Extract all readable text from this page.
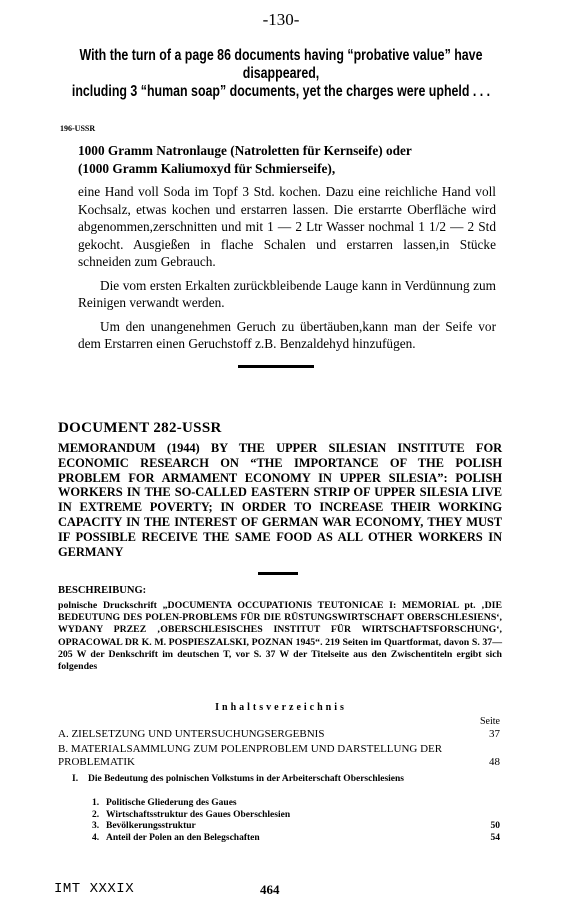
-130-
With the turn of a page 86 documents having “probative value” have disappeared,
including 3 “human soap” documents, yet the charges were upheld . . .
196-USSR

1000 Gramm Natronlauge (Natroletten für Kernseife) oder

(1000 Gramm Kaliumoxyd für Schmierseife),

eine Hand voll Soda im Topf 3 Std. kochen. Dazu eine reichliche Hand voll Kochsalz, etwas kochen und erstarren lassen. Die erstarrte Oberfläche wird abgenommen,zerschnitten und mit 1 — 2 Ltr Wasser nochmal 1 1/2 — 2 Std gekocht. Ausgießen in flache Schalen und erstarren lassen,in Stücke schneiden zum Gebrauch.

Die vom ersten Erkalten zurückbleibende Lauge kann in Verdünnung zum Reinigen verwandt werden.

Um den unangenehmen Geruch zu übertäuben,kann man der Seife vor dem Erstarren einen Geruchstoff z.B. Benzaldehyd hinzufügen.

DOCUMENT 282-USSR
MEMORANDUM (1944) BY THE UPPER SILESIAN INSTITUTE FOR ECONOMIC RESEARCH ON “THE IMPORTANCE OF THE POLISH PROBLEM FOR ARMAMENT ECONOMY IN UPPER SILESIA”: POLISH WORKERS IN THE SO-CALLED EASTERN STRIP OF UPPER SILESIA LIVE IN EXTREME POVERTY; IN ORDER TO INCREASE THEIR WORKING CAPACITY IN THE INTEREST OF GERMAN WAR ECONOMY, THEY MUST IF POSSIBLE RECEIVE THE SAME FOOD AS ALL OTHER WORKERS IN GERMANY
BESCHREIBUNG:
polnische Druckschrift „DOCUMENTA OCCUPATIONIS TEUTONICAE I: MEMORIAL pt. ‚DIE BEDEUTUNG DES POLEN-PROBLEMS FÜR DIE RÜSTUNGSWIRTSCHAFT OBERSCHLESIENS‘, WYDANY PRZEZ ‚OBERSCHLESISCHES INSTITUT FÜR WIRTSCHAFTSFORSCHUNG‘, OPRACOWAL DR K. M. POSPIESZALSKI, POZNAN 1945“. 219 Seiten im Quartformat, davon S. 37—205 W der Denkschrift im deutschen T, vor S. 37 W der Titelseite aus den Zwischentiteln ergibt sich folgendes
Inhaltsverzeichnis
Seite
A. ZIELSETZUNG UND UNTERSUCHUNGSERGEBNIS	37
B. MATERIALSAMMLUNG ZUM POLENPROBLEM UND DARSTELLUNG DER PROBLEMATIK	48
I. Die Bedeutung des polnischen Volkstums in der Arbeiterschaft Oberschlesiens
1. Politische Gliederung des Gaues
2. Wirtschaftsstruktur des Gaues Oberschlesien
3. Bevölkerungsstruktur	50
4. Anteil der Polen an den Belegschaften	54
IMT XXXIX	464
